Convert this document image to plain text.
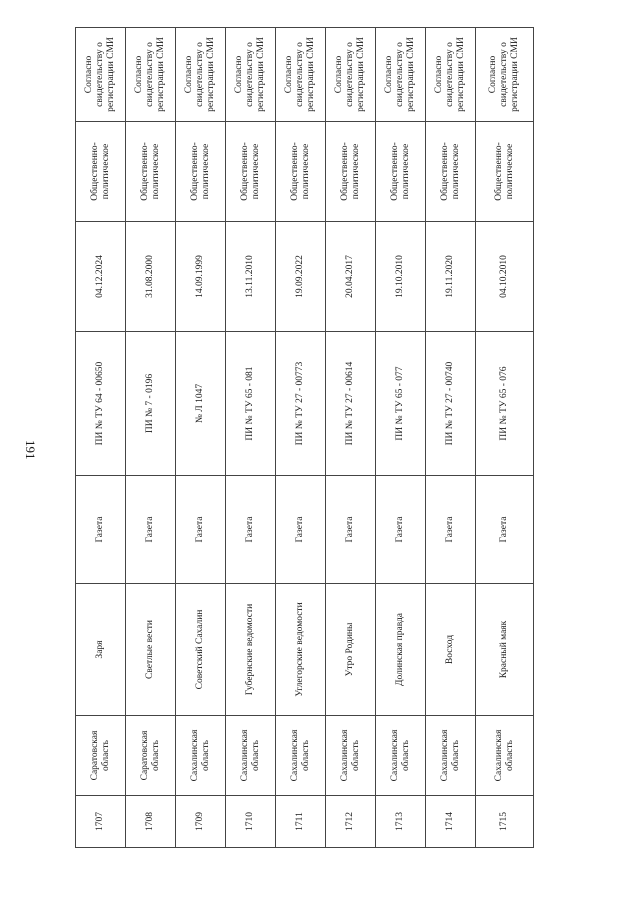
191
1707	Саратовская область	Заря	Газета	ПИ № ТУ 64 - 00650	04.12.2024	Общественно-политическое	Согласно свидетельству о регистрации СМИ
1708	Саратовская область	Светлые вести	Газета	ПИ № 7 - 0196	31.08.2000	Общественно-политическое	Согласно свидетельству о регистрации СМИ
1709	Сахалинская область	Советский Сахалин	Газета	№ Л 1047	14.09.1999	Общественно-политическое	Согласно свидетельству о регистрации СМИ
1710	Сахалинская область	Губернские ведомости	Газета	ПИ № ТУ 65 - 081	13.11.2010	Общественно-политическое	Согласно свидетельству о регистрации СМИ
1711	Сахалинская область	Углегорские ведомости	Газета	ПИ № ТУ 27 - 00773	19.09.2022	Общественно-политическое	Согласно свидетельству о регистрации СМИ
1712	Сахалинская область	Утро Родины	Газета	ПИ № ТУ 27 - 00614	20.04.2017	Общественно-политическое	Согласно свидетельству о регистрации СМИ
1713	Сахалинская область	Долинская правда	Газета	ПИ № ТУ 65 - 077	19.10.2010	Общественно-политическое	Согласно свидетельству о регистрации СМИ
1714	Сахалинская область	Восход	Газета	ПИ № ТУ 27 - 00740	19.11.2020	Общественно-политическое	Согласно свидетельству о регистрации СМИ
1715	Сахалинская область	Красный маяк	Газета	ПИ № ТУ 65 - 076	04.10.2010	Общественно-политическое	Согласно свидетельству о регистрации СМИ
